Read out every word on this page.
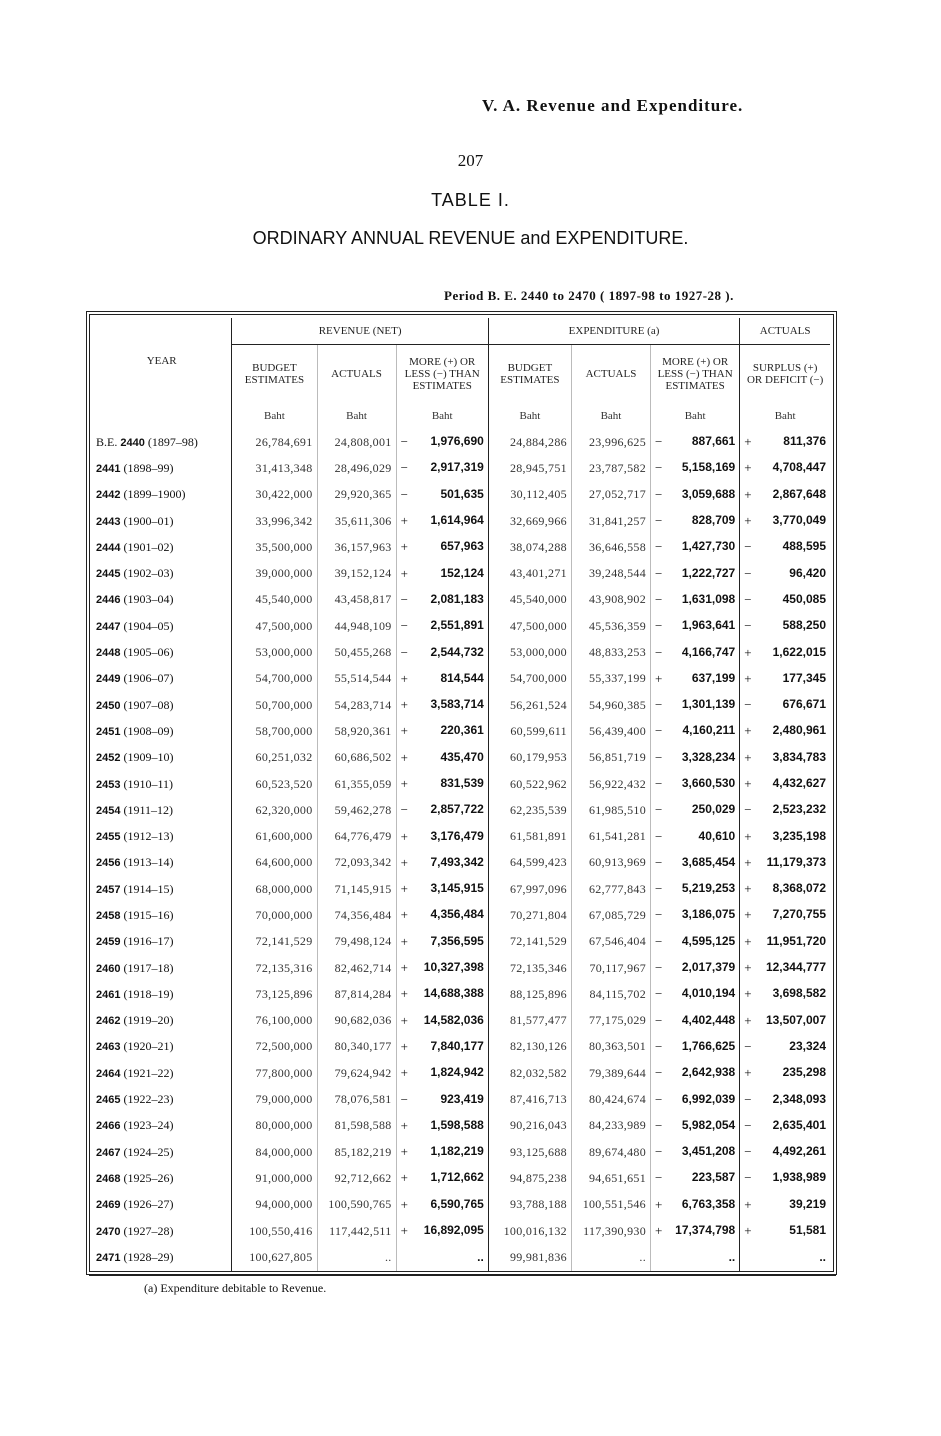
V. A. Revenue and Expenditure.
207
TABLE I.
ORDINARY ANNUAL REVENUE and EXPENDITURE.
Period B. E. 2440 to 2470 ( 1897-98 to 1927-28 ).
YEAR	REVENUE (NET)			EXPENDITURE (a)			ACTUALS
	BUDGET ESTIMATES	ACTUALS	MORE (+) OR LESS (−) THAN ESTIMATES	BUDGET ESTIMATES	ACTUALS	MORE (+) OR LESS (−) THAN ESTIMATES	SURPLUS (+) OR DEFICIT (−)
	Baht	Baht	Baht	Baht	Baht	Baht	Baht
B.E. 2440 (1897–98)	26,784,691	24,808,001	− 1,976,690	24,884,286	23,996,625	− 887,661	+ 811,376
2441 (1898–99)	31,413,348	28,496,029	− 2,917,319	28,945,751	23,787,582	− 5,158,169	+ 4,708,447
2442 (1899–1900)	30,422,000	29,920,365	− 501,635	30,112,405	27,052,717	− 3,059,688	+ 2,867,648
2443 (1900–01)	33,996,342	35,611,306	+ 1,614,964	32,669,966	31,841,257	− 828,709	+ 3,770,049
2444 (1901–02)	35,500,000	36,157,963	+ 657,963	38,074,288	36,646,558	− 1,427,730	− 488,595
2445 (1902–03)	39,000,000	39,152,124	+ 152,124	43,401,271	39,248,544	− 1,222,727	− 96,420
2446 (1903–04)	45,540,000	43,458,817	− 2,081,183	45,540,000	43,908,902	− 1,631,098	− 450,085
2447 (1904–05)	47,500,000	44,948,109	− 2,551,891	47,500,000	45,536,359	− 1,963,641	− 588,250
2448 (1905–06)	53,000,000	50,455,268	− 2,544,732	53,000,000	48,833,253	− 4,166,747	+ 1,622,015
2449 (1906–07)	54,700,000	55,514,544	+ 814,544	54,700,000	55,337,199	+ 637,199	+ 177,345
2450 (1907–08)	50,700,000	54,283,714	+ 3,583,714	56,261,524	54,960,385	− 1,301,139	− 676,671
2451 (1908–09)	58,700,000	58,920,361	+ 220,361	60,599,611	56,439,400	− 4,160,211	+ 2,480,961
2452 (1909–10)	60,251,032	60,686,502	+ 435,470	60,179,953	56,851,719	− 3,328,234	+ 3,834,783
2453 (1910–11)	60,523,520	61,355,059	+ 831,539	60,522,962	56,922,432	− 3,660,530	+ 4,432,627
2454 (1911–12)	62,320,000	59,462,278	− 2,857,722	62,235,539	61,985,510	− 250,029	− 2,523,232
2455 (1912–13)	61,600,000	64,776,479	+ 3,176,479	61,581,891	61,541,281	− 40,610	+ 3,235,198
2456 (1913–14)	64,600,000	72,093,342	+ 7,493,342	64,599,423	60,913,969	− 3,685,454	+ 11,179,373
2457 (1914–15)	68,000,000	71,145,915	+ 3,145,915	67,997,096	62,777,843	− 5,219,253	+ 8,368,072
2458 (1915–16)	70,000,000	74,356,484	+ 4,356,484	70,271,804	67,085,729	− 3,186,075	+ 7,270,755
2459 (1916–17)	72,141,529	79,498,124	+ 7,356,595	72,141,529	67,546,404	− 4,595,125	+ 11,951,720
2460 (1917–18)	72,135,316	82,462,714	+ 10,327,398	72,135,346	70,117,967	− 2,017,379	+ 12,344,777
2461 (1918–19)	73,125,896	87,814,284	+ 14,688,388	88,125,896	84,115,702	− 4,010,194	+ 3,698,582
2462 (1919–20)	76,100,000	90,682,036	+ 14,582,036	81,577,477	77,175,029	− 4,402,448	+ 13,507,007
2463 (1920–21)	72,500,000	80,340,177	+ 7,840,177	82,130,126	80,363,501	− 1,766,625	− 23,324
2464 (1921–22)	77,800,000	79,624,942	+ 1,824,942	82,032,582	79,389,644	− 2,642,938	+ 235,298
2465 (1922–23)	79,000,000	78,076,581	− 923,419	87,416,713	80,424,674	− 6,992,039	− 2,348,093
2466 (1923–24)	80,000,000	81,598,588	+ 1,598,588	90,216,043	84,233,989	− 5,982,054	− 2,635,401
2467 (1924–25)	84,000,000	85,182,219	+ 1,182,219	93,125,688	89,674,480	− 3,451,208	− 4,492,261
2468 (1925–26)	91,000,000	92,712,662	+ 1,712,662	94,875,238	94,651,651	− 223,587	− 1,938,989
2469 (1926–27)	94,000,000	100,590,765	+ 6,590,765	93,788,188	100,551,546	+ 6,763,358	+ 39,219
2470 (1927–28)	100,550,416	117,442,511	+ 16,892,095	100,016,132	117,390,930	+ 17,374,798	+ 51,581
2471 (1928–29)	100,627,805	..	..	99,981,836	..	..	..
(a) Expenditure debitable to Revenue.
